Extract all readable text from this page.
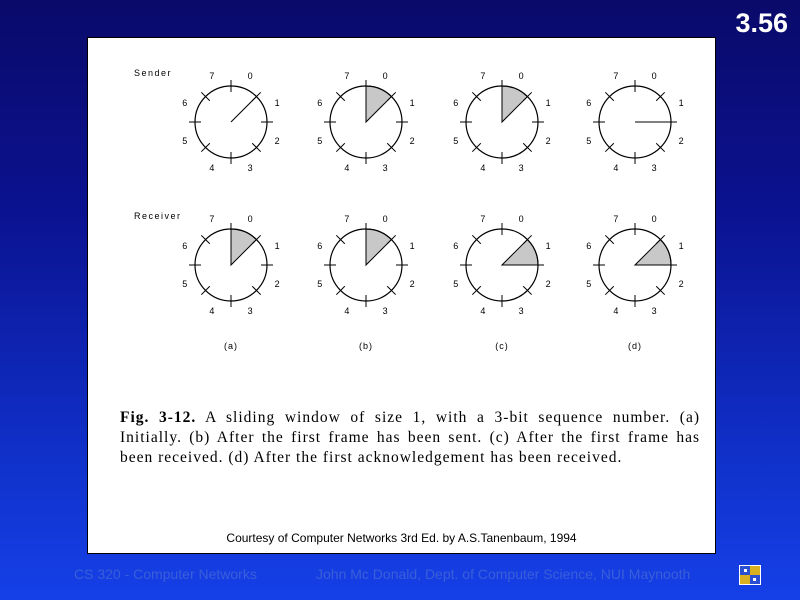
3.56
0
1
2
3
4
5
6
7
0
1
2
3
4
5
6
7
(a)
0
1
2
3
4
5
6
7
0
1
2
3
4
5
6
7
(b)
0
1
2
3
4
5
6
7
0
1
2
3
4
5
6
7
(c)
0
1
2
3
4
5
6
7
0
1
2
3
4
5
6
7
(d)
Sender
Receiver
Fig. 3-12. A sliding window of size 1, with a 3-bit sequence number. (a) Initially. (b) After the first frame has been sent. (c) After the first frame has been received. (d) After the first acknowledgement has been received.
Courtesy of Computer Networks 3rd Ed. by A.S.Tanenbaum, 1994
CS 320 - Computer Networks	John Mc Donald, Dept. of Computer Science, NUI Maynooth
